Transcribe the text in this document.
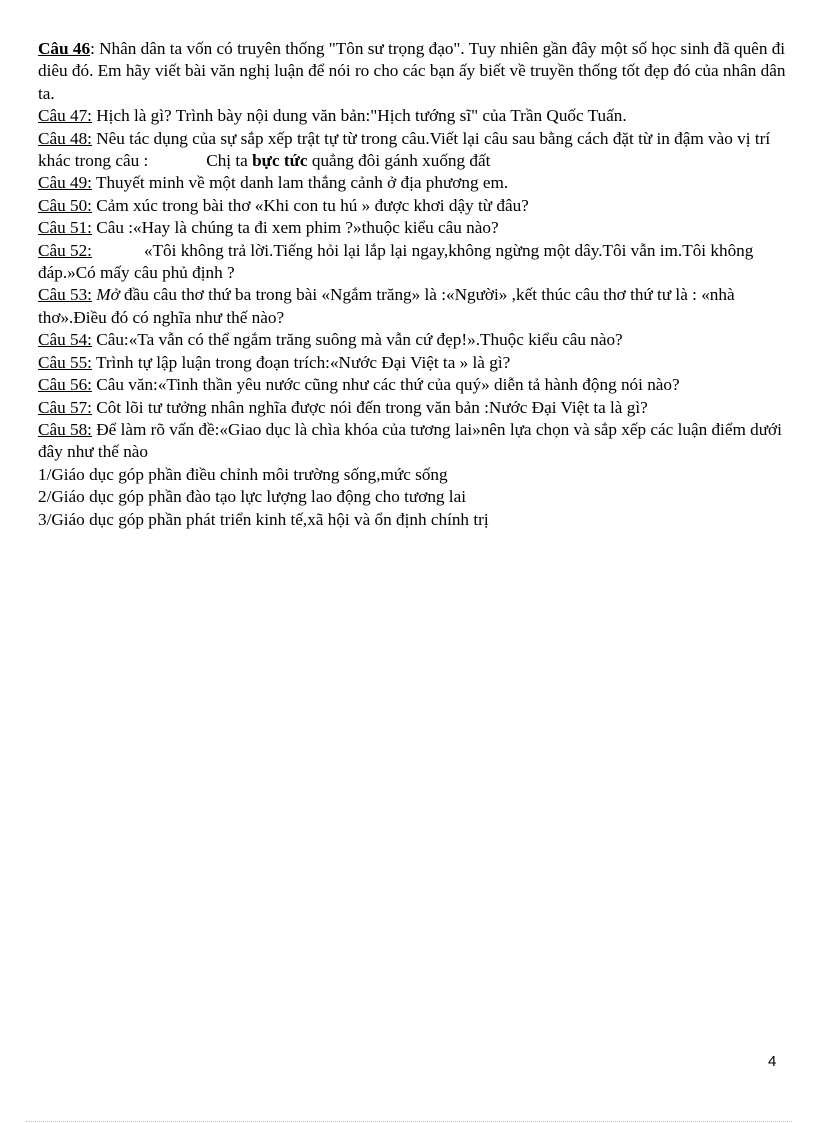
Câu 46: Nhân dân ta vốn có truyên thống "Tôn sư trọng đạo". Tuy nhiên gần đây một số học sinh đã quên đi diêu đó. Em hãy viết bài văn nghị luận để nói ro cho các bạn ấy biết về truyền thống tốt đẹp đó của nhân dân ta.

Câu 47: Hịch là gì? Trình bày nội dung văn bản:"Hịch tướng sĩ" của Trần Quốc Tuấn.

Câu 48: Nêu tác dụng của sự sắp xếp trật tự từ trong câu.Viết lại câu sau bằng cách đặt từ in đậm vào vị trí khác trong câu :	Chị ta bực tức quẳng đôi gánh xuống đất

Câu 49: Thuyết minh về một danh lam thắng cảnh ở địa phương em.

Câu 50: Cảm xúc trong bài thơ «Khi con tu hú » được khơi dậy từ đâu?

Câu 51: Câu :«Hay là chúng ta đi xem phim ?»thuộc kiểu câu nào?

Câu 52:	«Tôi không trả lời.Tiếng hỏi lại lắp lại ngay,không ngừng một dây.Tôi vẫn im.Tôi không đáp.»Có mấy câu phủ định ?

Câu 53: Mở đầu câu thơ thứ ba trong bài «Ngắm trăng» là :«Người» ,kết thúc câu thơ thứ tư là : «nhà thơ».Điều đó có nghĩa như thế nào?

Câu 54: Câu:«Ta vẫn có thể ngắm trăng suông mà vẫn cứ đẹp!».Thuộc kiểu câu nào?

Câu 55: Trình tự lập luận trong đoạn trích:«Nước Đại Việt ta » là gì?

Câu 56: Câu văn:«Tinh thần yêu nước cũng như các thứ của quý» diễn tả hành động nói nào?

Câu 57: Côt lõi tư tưởng nhân nghĩa được nói đến trong văn bản :Nước Đại Việt ta là gì?

Câu 58: Để làm rõ vấn đề:«Giao dục là chìa khóa của tương lai»nên lựa chọn và sắp xếp các luận điểm dưới đây như thế nào

1/Giáo dục góp phần điều chỉnh môi trường sống,mức sống

2/Giáo dục góp phần đào tạo lực lượng lao động cho tương lai

3/Giáo dục góp phần phát triển kinh tế,xã hội và ổn định chính trị

4
